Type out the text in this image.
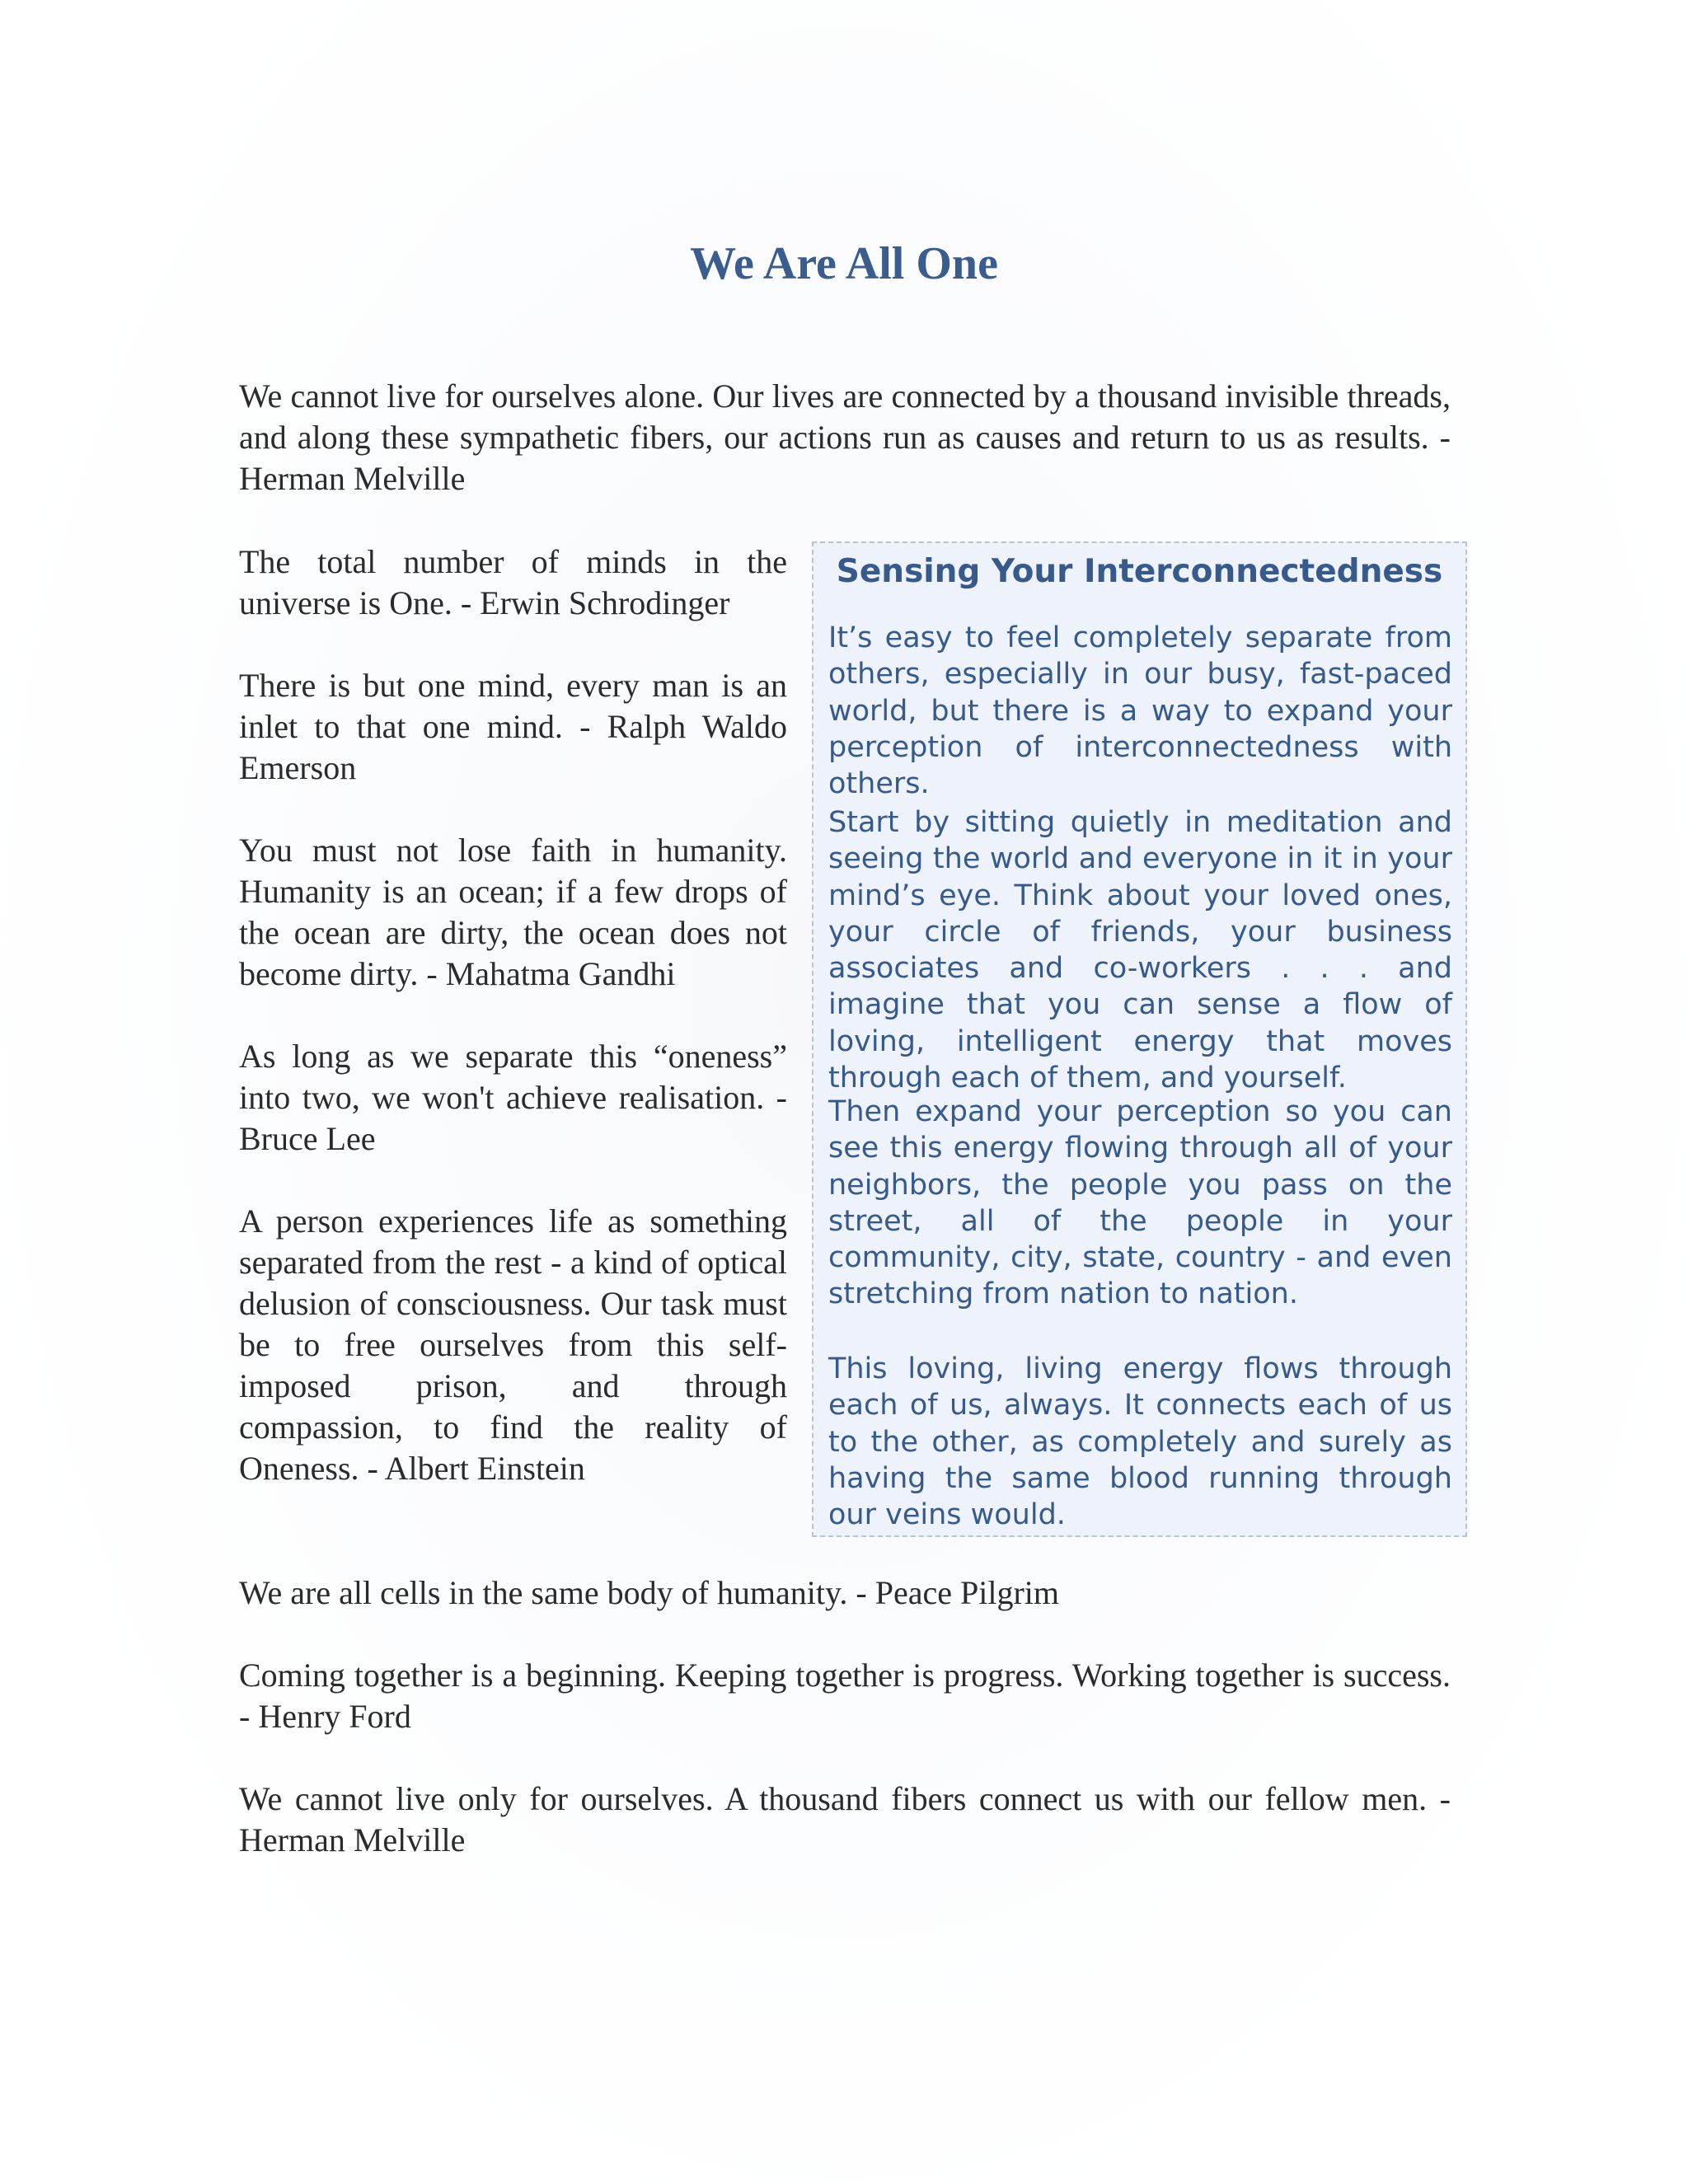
We Are All One

We cannot live for ourselves alone. Our lives are connected by a thousand invisible threads, and along these sympathetic fibers, our actions run as causes and return to us as results. - Herman Melville

The total number of minds in the universe is One. - Erwin Schrodinger

There is but one mind, every man is an inlet to that one mind. - Ralph Waldo Emerson

You must not lose faith in humanity. Humanity is an ocean; if a few drops of the ocean are dirty, the ocean does not become dirty. - Mahatma Gandhi

As long as we separate this “oneness” into two, we won't achieve realisation. - Bruce Lee

A person experiences life as something separated from the rest - a kind of optical delusion of consciousness. Our task must be to free ourselves from this self-imposed prison, and through compassion, to find the reality of Oneness. - Albert Einstein

Sensing Your Interconnectedness

It’s easy to feel completely separate from others, especially in our busy, fast-paced world, but there is a way to expand your perception of interconnectedness with others.

Start by sitting quietly in meditation and seeing the world and everyone in it in your mind’s eye. Think about your loved ones, your circle of friends, your business associates and co-workers . . . and imagine that you can sense a flow of loving, intelligent energy that moves through each of them, and yourself.

Then expand your perception so you can see this energy flowing through all of your neighbors, the people you pass on the street, all of the people in your community, city, state, country - and even stretching from nation to nation.

This loving, living energy flows through each of us, always. It connects each of us to the other, as completely and surely as having the same blood running through our veins would.

We are all cells in the same body of humanity. - Peace Pilgrim

Coming together is a beginning. Keeping together is progress. Working together is success. - Henry Ford

We cannot live only for ourselves. A thousand fibers connect us with our fellow men. - Herman Melville
